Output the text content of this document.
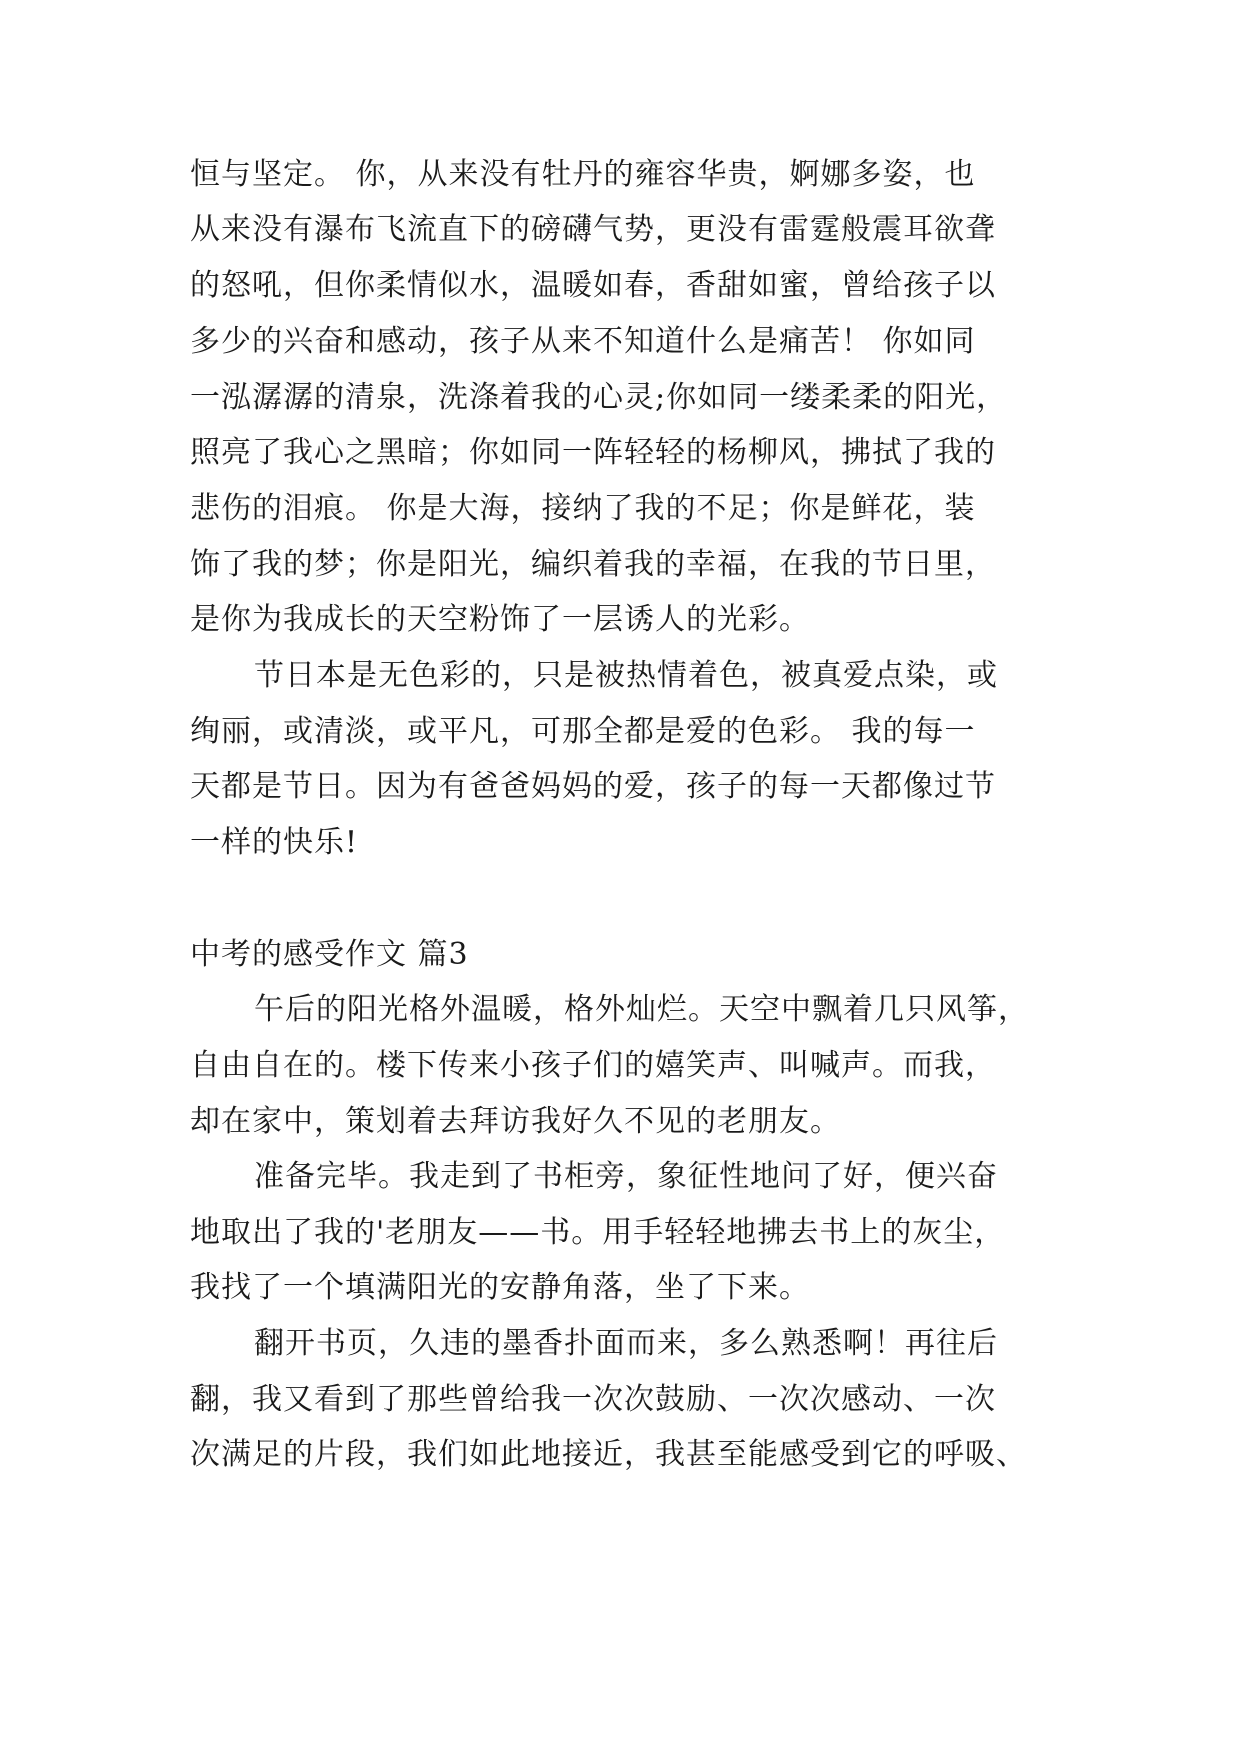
恒与坚定。 你，从来没有牡丹的雍容华贵，婀娜多姿，也

从来没有瀑布飞流直下的磅礴气势，更没有雷霆般震耳欲聋

的怒吼，但你柔情似水，温暖如春，香甜如蜜，曾给孩子以

多少的兴奋和感动，孩子从来不知道什么是痛苦！ 你如同

一泓潺潺的清泉，洗涤着我的心灵;你如同一缕柔柔的阳光，

照亮了我心之黑暗；你如同一阵轻轻的杨柳风，拂拭了我的

悲伤的泪痕。 你是大海，接纳了我的不足；你是鲜花，装

饰了我的梦；你是阳光，编织着我的幸福，在我的节日里，

是你为我成长的天空粉饰了一层诱人的光彩。

节日本是无色彩的，只是被热情着色，被真爱点染，或

绚丽，或清淡，或平凡，可那全都是爱的色彩。 我的每一

天都是节日。因为有爸爸妈妈的爱，孩子的每一天都像过节

一样的快乐!

中考的感受作文 篇3

午后的阳光格外温暖，格外灿烂。天空中飘着几只风筝，

自由自在的。楼下传来小孩子们的嬉笑声、叫喊声。而我，

却在家中，策划着去拜访我好久不见的老朋友。

准备完毕。我走到了书柜旁，象征性地问了好，便兴奋

地取出了我的'老朋友——书。用手轻轻地拂去书上的灰尘，

我找了一个填满阳光的安静角落，坐了下来。

翻开书页，久违的墨香扑面而来，多么熟悉啊！再往后

翻，我又看到了那些曾给我一次次鼓励、一次次感动、一次

次满足的片段，我们如此地接近，我甚至能感受到它的呼吸、
